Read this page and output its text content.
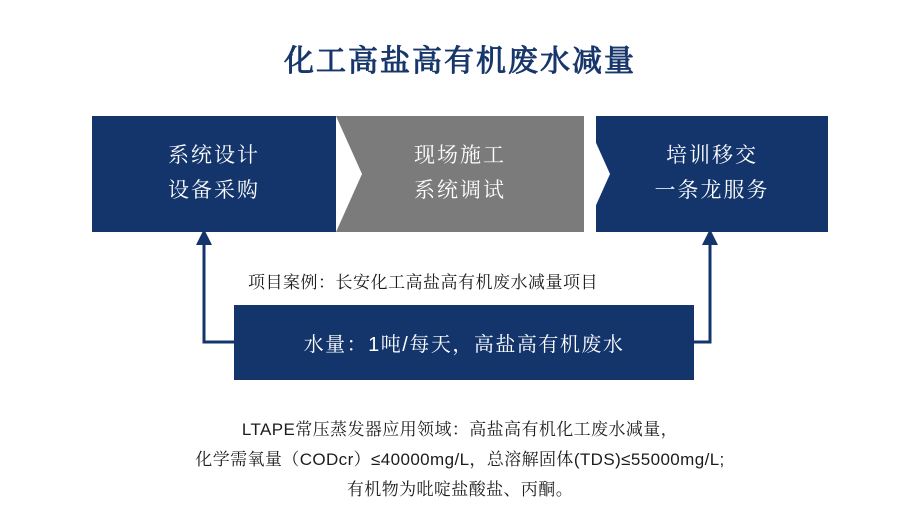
化工高盐高有机废水减量
系统设计
设备采购
现场施工
系统调试
培训移交
一条龙服务
项目案例：长安化工高盐高有机废水减量项目
水量：1吨/每天，高盐高有机废水
LTAPE常压蒸发器应用领域：高盐高有机化工废水减量，
化学需氧量（CODcr）≤40000mg/L，总溶解固体(TDS)≤55000mg/L;
有机物为吡啶盐酸盐、丙酮。
